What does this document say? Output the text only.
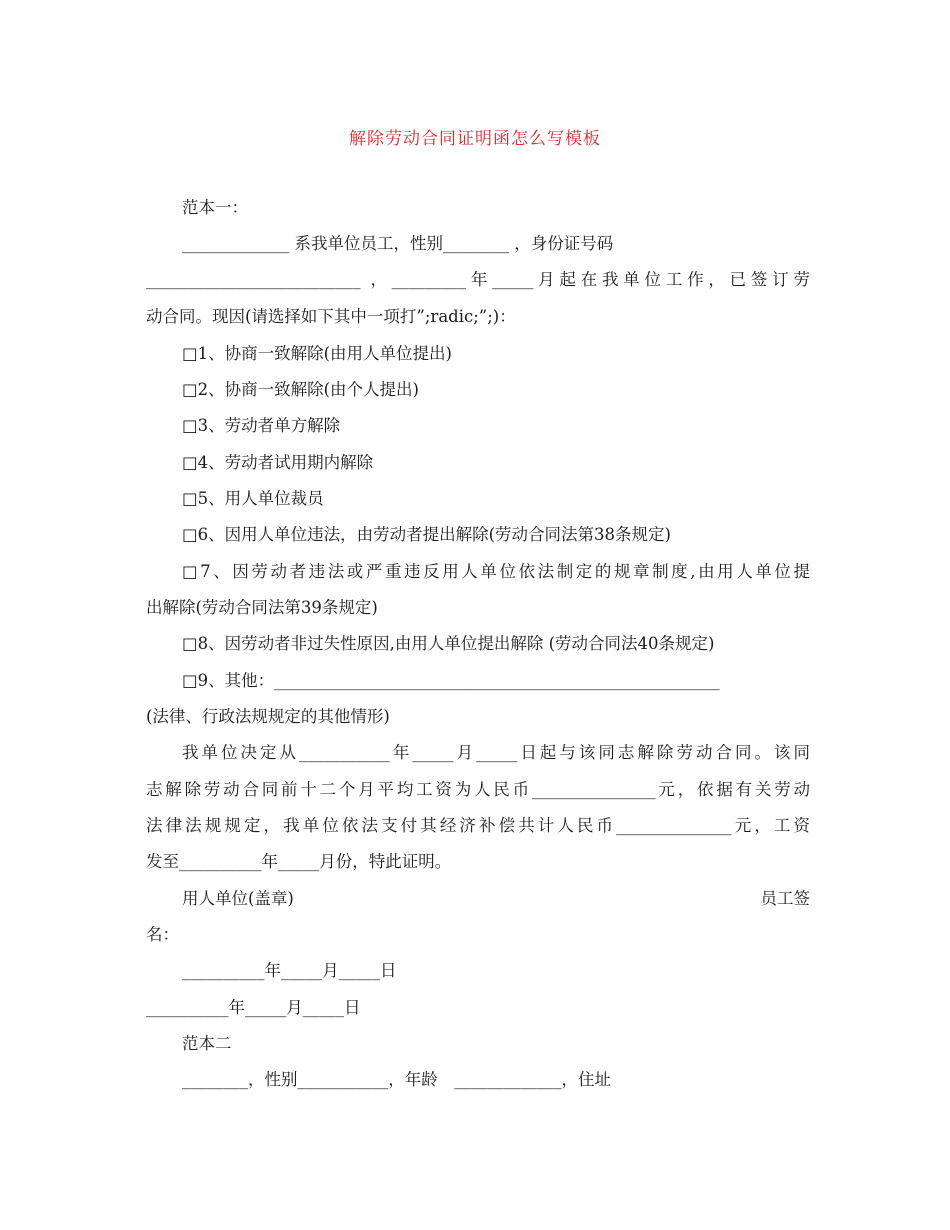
解除劳动合同证明函怎么写模板
范本一：
_____________ 系我单位员工，性别________ ，身份证号码
__________________________ ，_________年_____月起在我单位工作，已签订劳
动合同。现因(请选择如下其中一项打”;radic;”;)：
□1、协商一致解除(由用人单位提出)
□2、协商一致解除(由个人提出)
□3、劳动者单方解除
□4、劳动者试用期内解除
□5、用人单位裁员
□6、因用人单位违法，由劳动者提出解除(劳动合同法第38条规定)
□7、因劳动者违法或严重违反用人单位依法制定的规章制度,由用人单位提
出解除(劳动合同法第39条规定)
□8、因劳动者非过失性原因,由用人单位提出解除 (劳动合同法40条规定)
□9、其他：______________________________________________________
(法律、行政法规规定的其他情形)
我单位决定从___________年_____月_____日起与该同志解除劳动合同。该同
志解除劳动合同前十二个月平均工资为人民币_______________元，依据有关劳动
法律法规规定，我单位依法支付其经济补偿共计人民币______________元，工资
发至__________年_____月份，特此证明。
用人单位(盖章)	员工签
名：
__________年_____月_____日
__________年_____月_____日
范本二
________，性别___________，年龄　_____________，住址
